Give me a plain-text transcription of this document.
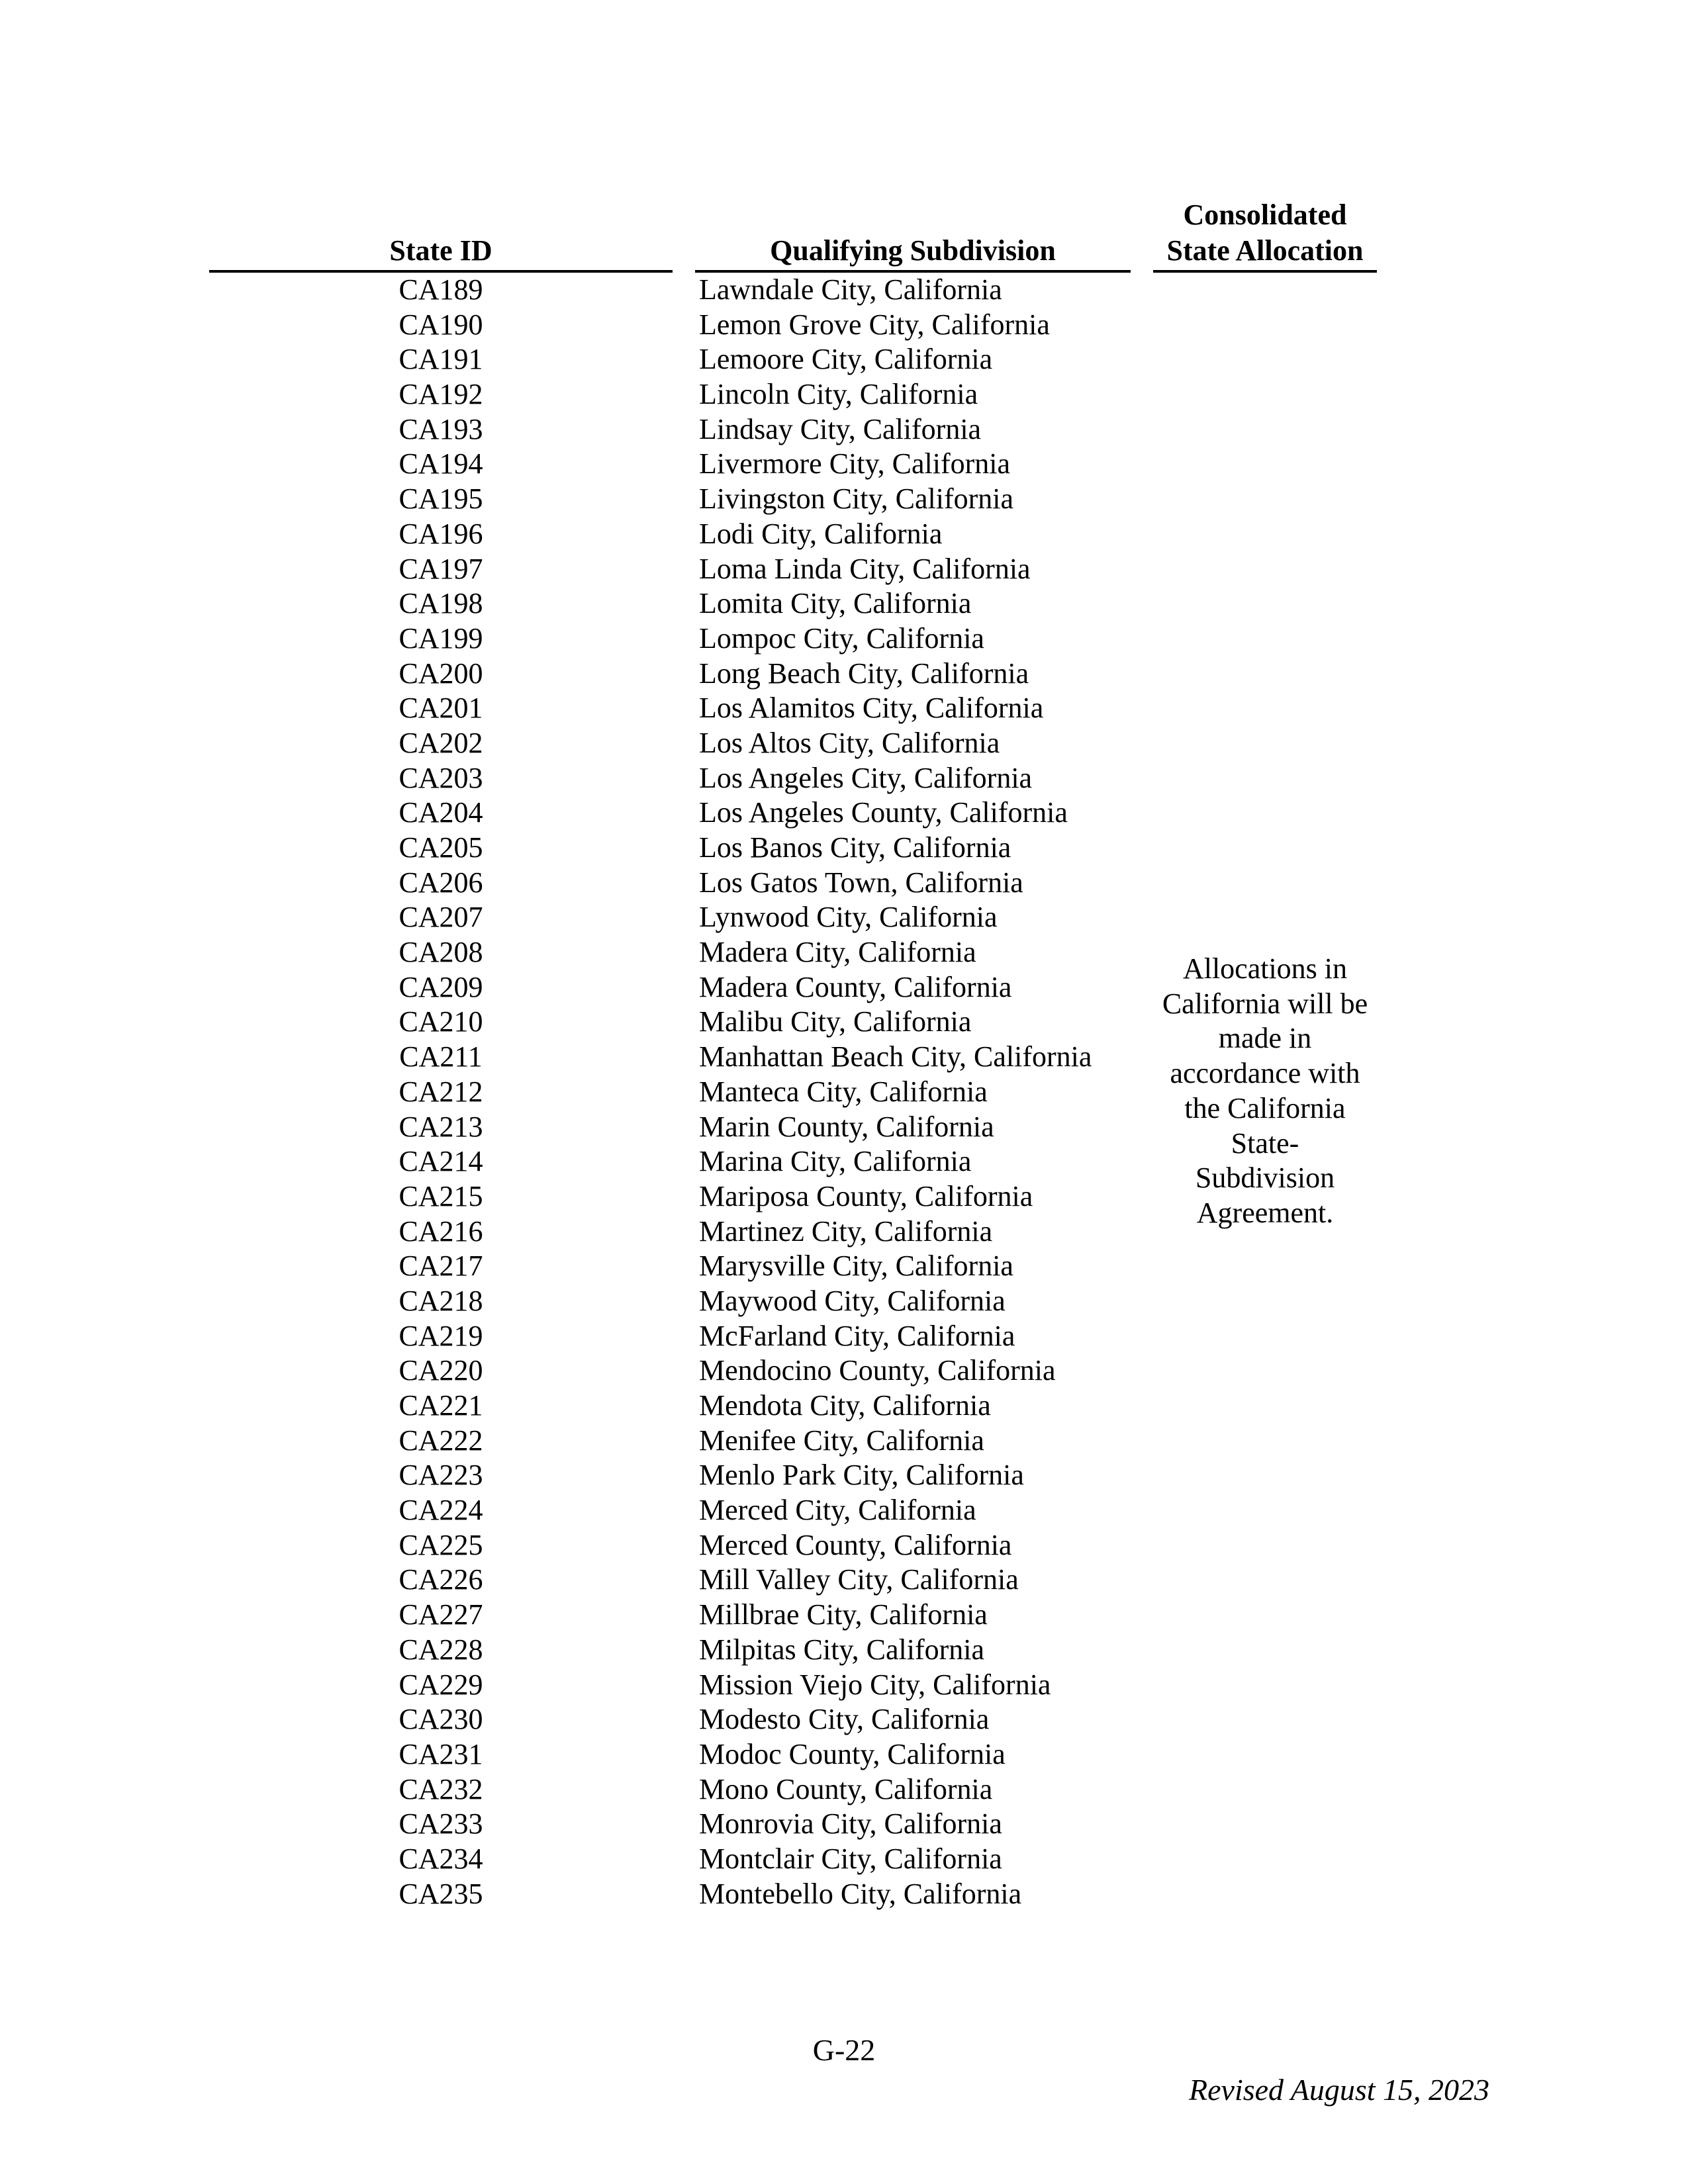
State ID	Qualifying Subdivision
Consolidated
State Allocation
CA189	Lawndale City, California
CA190	Lemon Grove City, California
CA191	Lemoore City, California
CA192	Lincoln City, California
CA193	Lindsay City, California
CA194	Livermore City, California
CA195	Livingston City, California
CA196	Lodi City, California
CA197	Loma Linda City, California
CA198	Lomita City, California
CA199	Lompoc City, California
CA200	Long Beach City, California
CA201	Los Alamitos City, California
CA202	Los Altos City, California
CA203	Los Angeles City, California
CA204	Los Angeles County, California
CA205	Los Banos City, California
CA206	Los Gatos Town, California
CA207	Lynwood City, California
CA208	Madera City, California
CA209	Madera County, California
CA210	Malibu City, California
CA211	Manhattan Beach City, California
CA212	Manteca City, California
CA213	Marin County, California
CA214	Marina City, California
CA215	Mariposa County, California
CA216	Martinez City, California
CA217	Marysville City, California
CA218	Maywood City, California
CA219	McFarland City, California
CA220	Mendocino County, California
CA221	Mendota City, California
CA222	Menifee City, California
CA223	Menlo Park City, California
CA224	Merced City, California
CA225	Merced County, California
CA226	Mill Valley City, California
CA227	Millbrae City, California
CA228	Milpitas City, California
CA229	Mission Viejo City, California
CA230	Modesto City, California
CA231	Modoc County, California
CA232	Mono County, California
CA233	Monrovia City, California
CA234	Montclair City, California
CA235	Montebello City, California
Allocations in
California will be
made in
accordance with
the California
State-
Subdivision
Agreement.
G-22
Revised August 15, 2023
